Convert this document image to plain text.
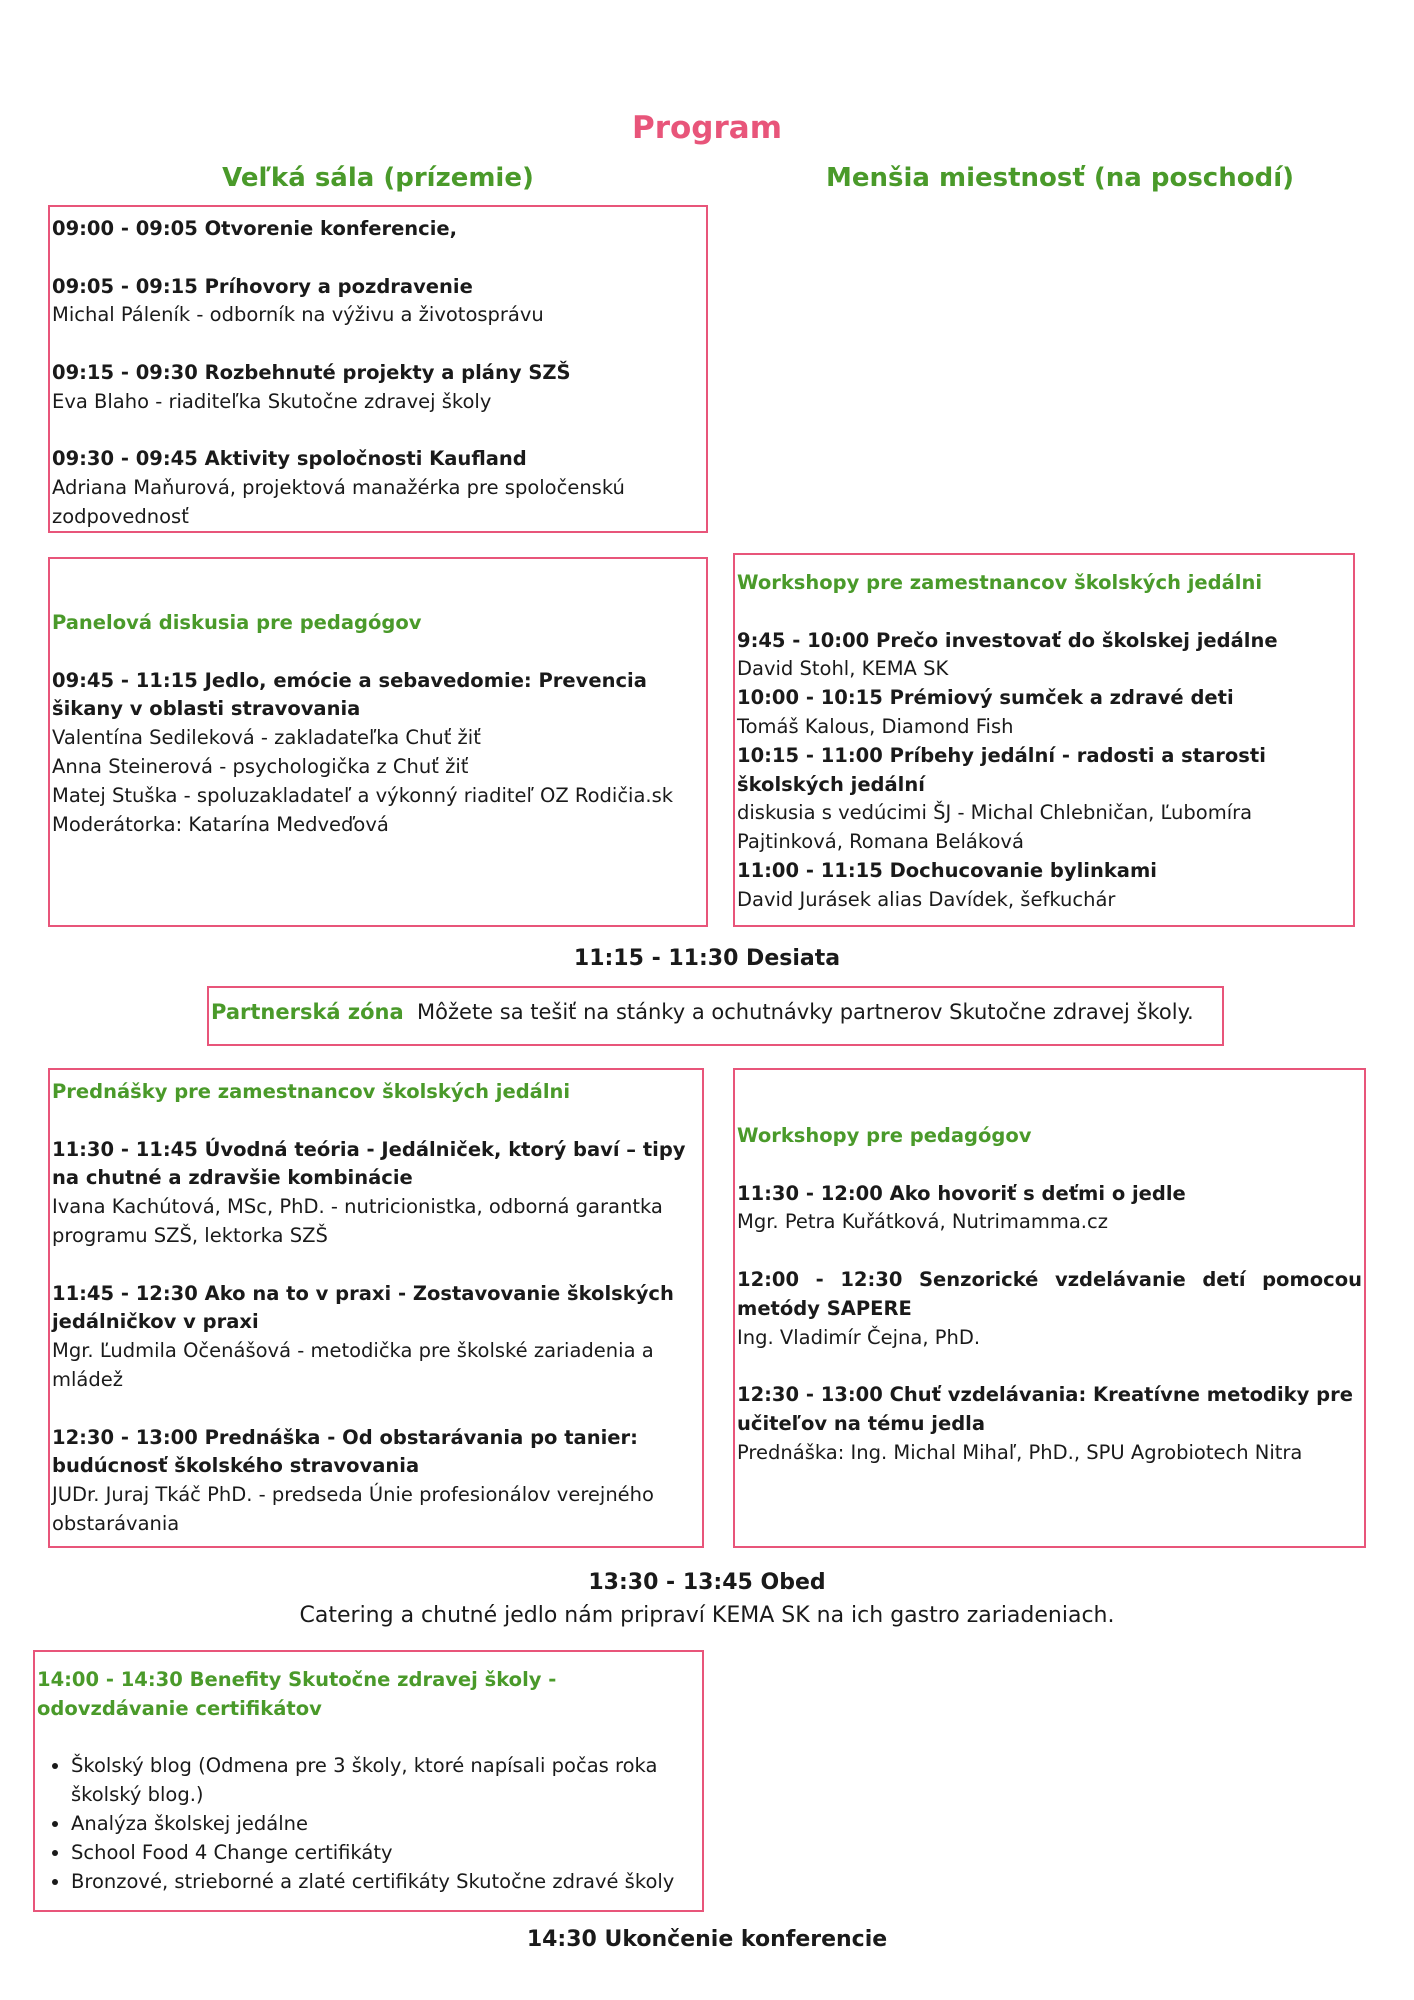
Program
Veľká sála (prízemie)	Menšia miestnosť (na poschodí)

09:00 - 09:05 Otvorenie konferencie,

09:05 - 09:15 Príhovory a pozdravenie

Michal Páleník - odborník na výživu a životosprávu

09:15 - 09:30 Rozbehnuté projekty a plány SZŠ

Eva Blaho - riaditeľka Skutočne zdravej školy

09:30 - 09:45 Aktivity spoločnosti Kaufland

Adriana Maňurová, projektová manažérka pre spoločenskú zodpovednosť

Panelová diskusia pre pedagógov

09:45 - 11:15 Jedlo, emócie a sebavedomie: Prevencia šikany v oblasti stravovania

Valentína Sedileková - zakladateľka Chuť žiť

Anna Steinerová - psychologička z Chuť žiť

Matej Stuška - spoluzakladateľ a výkonný riaditeľ OZ Rodičia.sk

Moderátorka: Katarína Medveďová

Workshopy pre zamestnancov školských jedálni

9:45 - 10:00 Prečo investovať do školskej jedálne

David Stohl, KEMA SK

10:00 - 10:15 Prémiový sumček a zdravé deti

Tomáš Kalous, Diamond Fish

10:15 - 11:00 Príbehy jedální - radosti a starosti školských jedální

diskusia s vedúcimi ŠJ - Michal Chlebničan, Ľubomíra Pajtinková, Romana Beláková

11:00 - 11:15 Dochucovanie bylinkami

David Jurásek alias Davídek, šefkuchár

11:15 - 11:30 Desiata
Partnerská zóna Môžete sa tešiť na stánky a ochutnávky partnerov Skutočne zdravej školy.

Prednášky pre zamestnancov školských jedálni

11:30 - 11:45 Úvodná teória - Jedálniček, ktorý baví – tipy na chutné a zdravšie kombinácie

Ivana Kachútová, MSc, PhD. - nutricionistka, odborná garantka programu SZŠ, lektorka SZŠ

11:45 - 12:30 Ako na to v praxi - Zostavovanie školských jedálničkov v praxi

Mgr. Ľudmila Očenášová - metodička pre školské zariadenia a mládež

12:30 - 13:00 Prednáška - Od obstarávania po tanier: budúcnosť školského stravovania

JUDr. Juraj Tkáč PhD. - predseda Únie profesionálov verejného obstarávania

Workshopy pre pedagógov

11:30 - 12:00 Ako hovoriť s deťmi o jedle

Mgr. Petra Kuřátková, Nutrimamma.cz

12:00 - 12:30 Senzorické vzdelávanie detí pomocou metódy SAPERE

Ing. Vladimír Čejna, PhD.

12:30 - 13:00 Chuť vzdelávania: Kreatívne metodiky pre učiteľov na tému jedla

Prednáška: Ing. Michal Mihaľ, PhD., SPU Agrobiotech Nitra

13:30 - 13:45 Obed
Catering a chutné jedlo nám pripraví KEMA SK na ich gastro zariadeniach.

14:00 - 14:30 Benefity Skutočne zdravej školy - odovzdávanie certifikátov

• Školský blog (Odmena pre 3 školy, ktoré napísali počas roka školský blog.)
• Analýza školskej jedálne
• School Food 4 Change certifikáty
• Bronzové, strieborné a zlaté certifikáty Skutočne zdravé školy
14:30 Ukončenie konferencie
